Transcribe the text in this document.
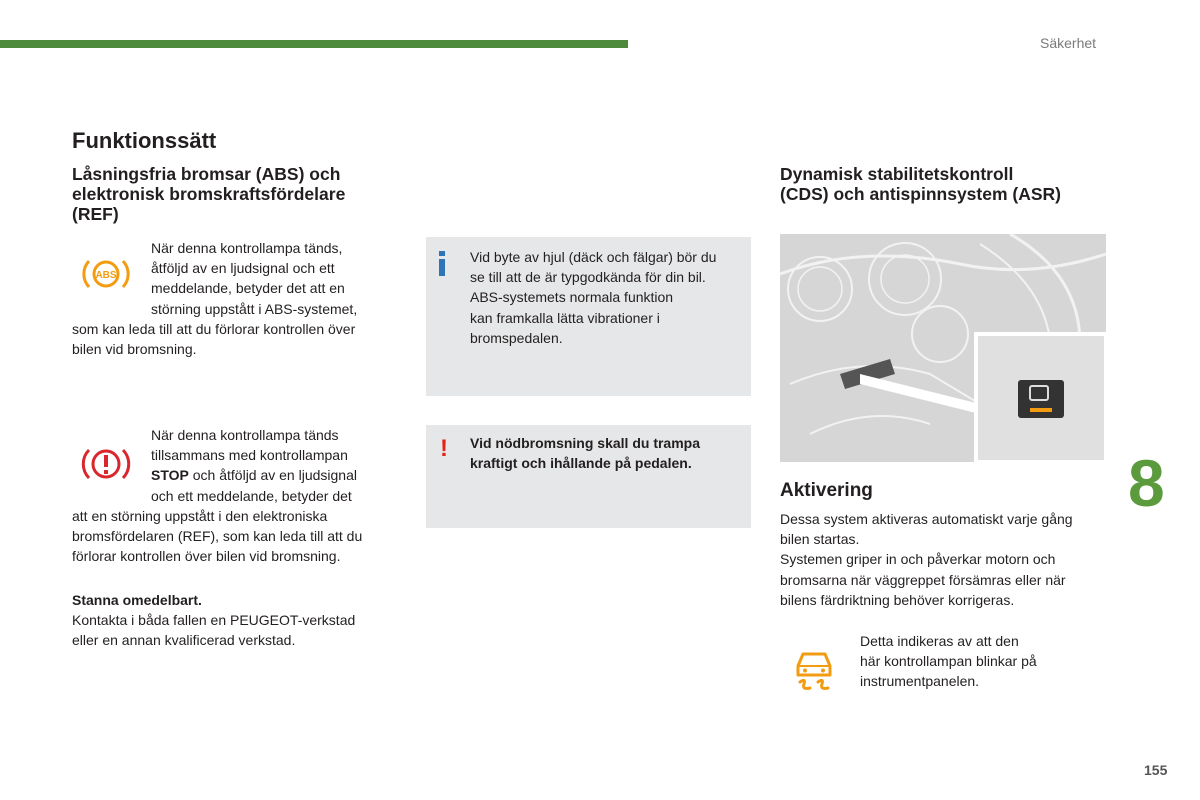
Säkerhet
Funktionssätt
Låsningsfria bromsar (ABS) och
elektronisk bromskraftsfördelare
(REF)
ABS
När denna kontrollampa tänds,
åtföljd av en ljudsignal och ett
meddelande, betyder det att en
störning uppstått i ABS-systemet,
som kan leda till att du förlorar kontrollen över
bilen vid bromsning.
När denna kontrollampa tänds
tillsammans med kontrollampan
STOP och åtföljd av en ljudsignal
och ett meddelande, betyder det
att en störning uppstått i den elektroniska
bromsfördelaren (REF), som kan leda till att du
förlorar kontrollen över bilen vid bromsning.
Stanna omedelbart.
Kontakta i båda fallen en PEUGEOT-verkstad
eller en annan kvalificerad verkstad.
Vid byte av hjul (däck och fälgar) bör du
se till att de är typgodkända för din bil.
ABS-systemets normala funktion
kan framkalla lätta vibrationer i
bromspedalen.
! Vid nödbromsning skall du trampa
kraftigt och ihållande på pedalen.
Dynamisk stabilitetskontroll
(CDS) och antispinnsystem (ASR)
Aktivering
Dessa system aktiveras automatiskt varje gång
bilen startas.
Systemen griper in och påverkar motorn och
bromsarna när väggreppet försämras eller när
bilens färdriktning behöver korrigeras.
Detta indikeras av att den
här kontrollampan blinkar på
instrumentpanelen.
8
155
